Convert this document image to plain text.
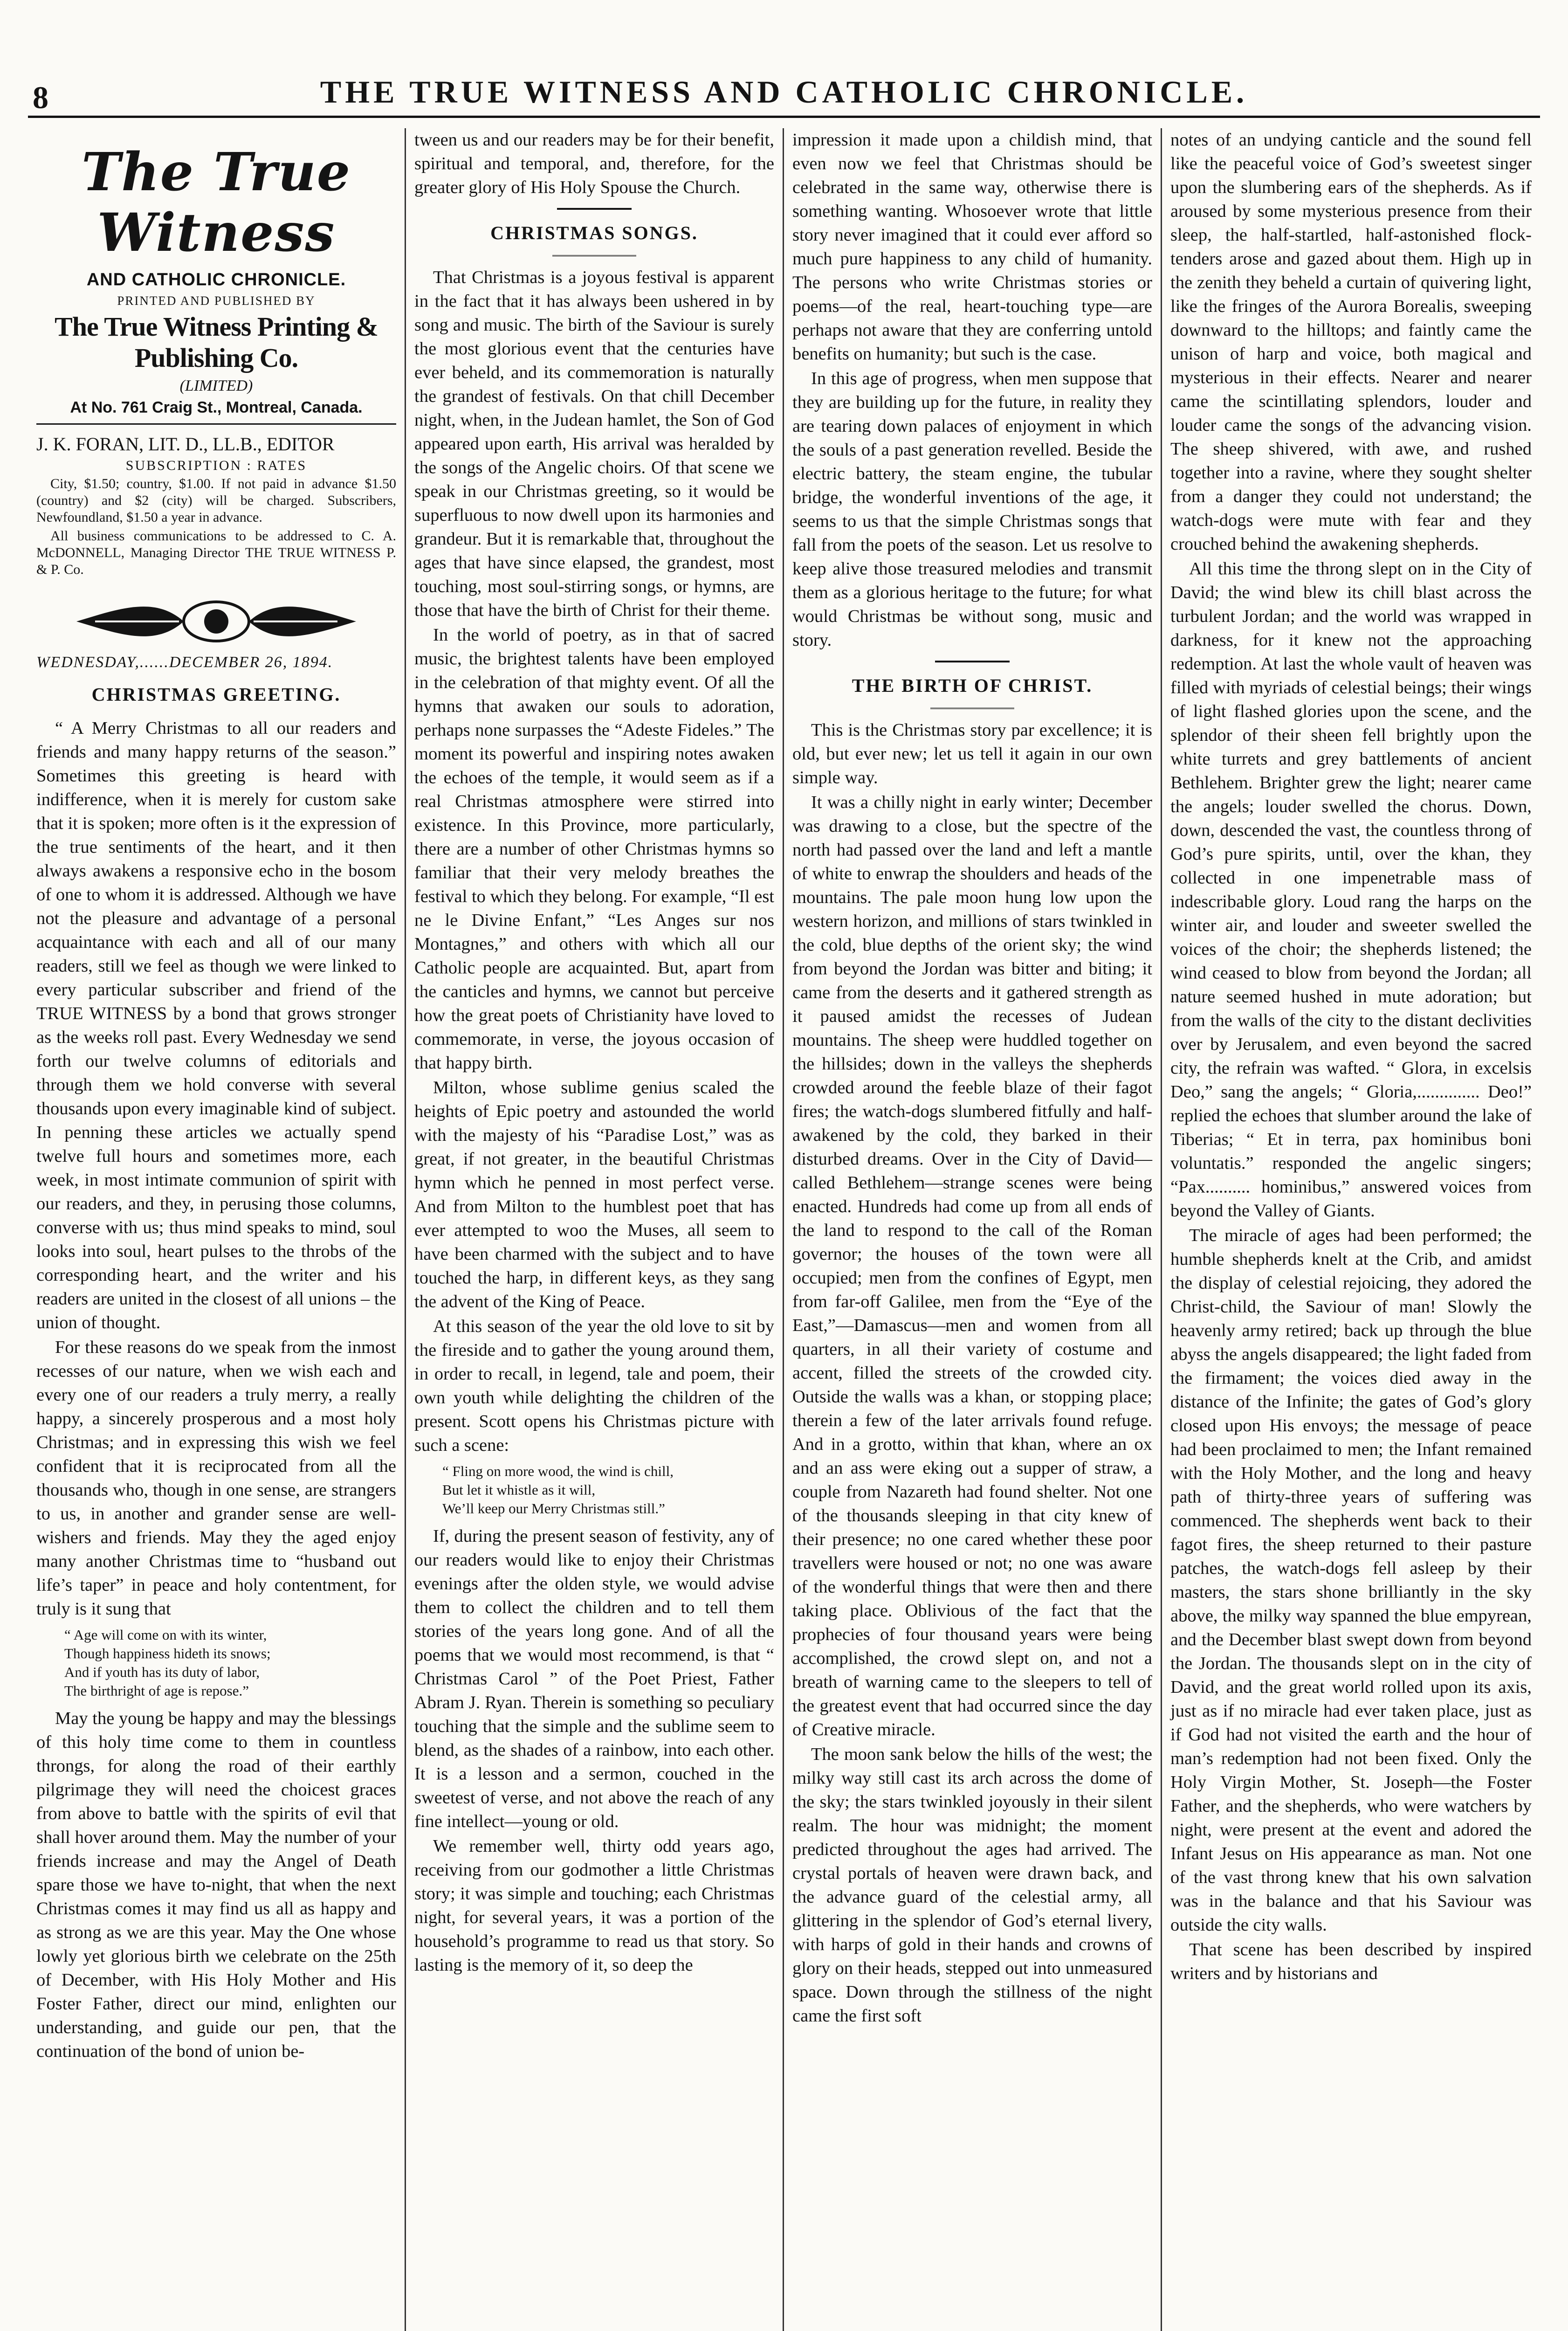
8	THE TRUE WITNESS AND CATHOLIC CHRONICLE.
The True Witness
AND CATHOLIC CHRONICLE.
PRINTED AND PUBLISHED BY
The True Witness Printing & Publishing Co.
(LIMITED)
At No. 761 Craig St., Montreal, Canada.
J. K. FORAN, LIT. D., LL.B., EDITOR
SUBSCRIPTION : RATES
City, $1.50; country, $1.00. If not paid in advance $1.50 (country) and $2 (city) will be charged. Subscribers, Newfoundland, $1.50 a year in advance.
All business communications to be addressed to C. A. McDONNELL, Managing Director THE TRUE WITNESS P. & P. Co.
WEDNESDAY,......DECEMBER 26, 1894.
CHRISTMAS GREETING.

“ A Merry Christmas to all our readers and friends and many happy returns of the season.” Sometimes this greeting is heard with indifference, when it is merely for custom sake that it is spoken; more often is it the expression of the true sentiments of the heart, and it then always awakens a responsive echo in the bosom of one to whom it is addressed. Although we have not the pleasure and advantage of a personal acquaintance with each and all of our many readers, still we feel as though we were linked to every particular subscriber and friend of the TRUE WITNESS by a bond that grows stronger as the weeks roll past. Every Wednesday we send forth our twelve columns of editorials and through them we hold converse with several thousands upon every imaginable kind of subject. In penning these articles we actually spend twelve full hours and sometimes more, each week, in most intimate communion of spirit with our readers, and they, in perusing those columns, converse with us; thus mind speaks to mind, soul looks into soul, heart pulses to the throbs of the corresponding heart, and the writer and his readers are united in the closest of all unions – the union of thought.

For these reasons do we speak from the inmost recesses of our nature, when we wish each and every one of our readers a truly merry, a really happy, a sincerely prosperous and a most holy Christmas; and in expressing this wish we feel confident that it is reciprocated from all the thousands who, though in one sense, are strangers to us, in another and grander sense are well-wishers and friends. May they the aged enjoy many another Christmas time to “husband out life’s taper” in peace and holy contentment, for truly is it sung that

“ Age will come on with its winter,
Though happiness hideth its snows;
And if youth has its duty of labor,
The birthright of age is repose.”

May the young be happy and may the blessings of this holy time come to them in countless throngs, for along the road of their earthly pilgrimage they will need the choicest graces from above to battle with the spirits of evil that shall hover around them. May the number of your friends increase and may the Angel of Death spare those we have to-night, that when the next Christmas comes it may find us all as happy and as strong as we are this year. May the One whose lowly yet glorious birth we celebrate on the 25th of December, with His Holy Mother and His Foster Father, direct our mind, enlighten our understanding, and guide our pen, that the continuation of the bond of union be-

tween us and our readers may be for their benefit, spiritual and temporal, and, therefore, for the greater glory of His Holy Spouse the Church.

CHRISTMAS SONGS.

That Christmas is a joyous festival is apparent in the fact that it has always been ushered in by song and music. The birth of the Saviour is surely the most glorious event that the centuries have ever beheld, and its commemoration is naturally the grandest of festivals. On that chill December night, when, in the Judean hamlet, the Son of God appeared upon earth, His arrival was heralded by the songs of the Angelic choirs. Of that scene we speak in our Christmas greeting, so it would be superfluous to now dwell upon its harmonies and grandeur. But it is remarkable that, throughout the ages that have since elapsed, the grandest, most touching, most soul-stirring songs, or hymns, are those that have the birth of Christ for their theme.

In the world of poetry, as in that of sacred music, the brightest talents have been employed in the celebration of that mighty event. Of all the hymns that awaken our souls to adoration, perhaps none surpasses the “Adeste Fideles.” The moment its powerful and inspiring notes awaken the echoes of the temple, it would seem as if a real Christmas atmosphere were stirred into existence. In this Province, more particularly, there are a number of other Christmas hymns so familiar that their very melody breathes the festival to which they belong. For example, “Il est ne le Divine Enfant,” “Les Anges sur nos Montagnes,” and others with which all our Catholic people are acquainted. But, apart from the canticles and hymns, we cannot but perceive how the great poets of Christianity have loved to commemorate, in verse, the joyous occasion of that happy birth.

Milton, whose sublime genius scaled the heights of Epic poetry and astounded the world with the majesty of his “Paradise Lost,” was as great, if not greater, in the beautiful Christmas hymn which he penned in most perfect verse. And from Milton to the humblest poet that has ever attempted to woo the Muses, all seem to have been charmed with the subject and to have touched the harp, in different keys, as they sang the advent of the King of Peace.

At this season of the year the old love to sit by the fireside and to gather the young around them, in order to recall, in legend, tale and poem, their own youth while delighting the children of the present. Scott opens his Christmas picture with such a scene:

“ Fling on more wood, the wind is chill,
But let it whistle as it will,
We’ll keep our Merry Christmas still.”

If, during the present season of festivity, any of our readers would like to enjoy their Christmas evenings after the olden style, we would advise them to collect the children and to tell them stories of the years long gone. And of all the poems that we would most recommend, is that “ Christmas Carol ” of the Poet Priest, Father Abram J. Ryan. Therein is something so peculiary touching that the simple and the sublime seem to blend, as the shades of a rainbow, into each other. It is a lesson and a sermon, couched in the sweetest of verse, and not above the reach of any fine intellect—young or old.

We remember well, thirty odd years ago, receiving from our godmother a little Christmas story; it was simple and touching; each Christmas night, for several years, it was a portion of the household’s programme to read us that story. So lasting is the memory of it, so deep the

impression it made upon a childish mind, that even now we feel that Christmas should be celebrated in the same way, otherwise there is something wanting. Whosoever wrote that little story never imagined that it could ever afford so much pure happiness to any child of humanity. The persons who write Christmas stories or poems—of the real, heart-touching type—are perhaps not aware that they are conferring untold benefits on humanity; but such is the case.

In this age of progress, when men suppose that they are building up for the future, in reality they are tearing down palaces of enjoyment in which the souls of a past generation revelled. Beside the electric battery, the steam engine, the tubular bridge, the wonderful inventions of the age, it seems to us that the simple Christmas songs that fall from the poets of the season. Let us resolve to keep alive those treasured melodies and transmit them as a glorious heritage to the future; for what would Christmas be without song, music and story.

THE BIRTH OF CHRIST.

This is the Christmas story par excellence; it is old, but ever new; let us tell it again in our own simple way.

It was a chilly night in early winter; December was drawing to a close, but the spectre of the north had passed over the land and left a mantle of white to enwrap the shoulders and heads of the mountains. The pale moon hung low upon the western horizon, and millions of stars twinkled in the cold, blue depths of the orient sky; the wind from beyond the Jordan was bitter and biting; it came from the deserts and it gathered strength as it paused amidst the recesses of Judean mountains. The sheep were huddled together on the hillsides; down in the valleys the shepherds crowded around the feeble blaze of their fagot fires; the watch-dogs slumbered fitfully and half-awakened by the cold, they barked in their disturbed dreams. Over in the City of David—called Bethlehem—strange scenes were being enacted. Hundreds had come up from all ends of the land to respond to the call of the Roman governor; the houses of the town were all occupied; men from the confines of Egypt, men from far-off Galilee, men from the “Eye of the East,”—Damascus—men and women from all quarters, in all their variety of costume and accent, filled the streets of the crowded city. Outside the walls was a khan, or stopping place; therein a few of the later arrivals found refuge. And in a grotto, within that khan, where an ox and an ass were eking out a supper of straw, a couple from Nazareth had found shelter. Not one of the thousands sleeping in that city knew of their presence; no one cared whether these poor travellers were housed or not; no one was aware of the wonderful things that were then and there taking place. Oblivious of the fact that the prophecies of four thousand years were being accomplished, the crowd slept on, and not a breath of warning came to the sleepers to tell of the greatest event that had occurred since the day of Creative miracle.

The moon sank below the hills of the west; the milky way still cast its arch across the dome of the sky; the stars twinkled joyously in their silent realm. The hour was midnight; the moment predicted throughout the ages had arrived. The crystal portals of heaven were drawn back, and the advance guard of the celestial army, all glittering in the splendor of God’s eternal livery, with harps of gold in their hands and crowns of glory on their heads, stepped out into unmeasured space. Down through the stillness of the night came the first soft

notes of an undying canticle and the sound fell like the peaceful voice of God’s sweetest singer upon the slumbering ears of the shepherds. As if aroused by some mysterious presence from their sleep, the half-startled, half-astonished flock-tenders arose and gazed about them. High up in the zenith they beheld a curtain of quivering light, like the fringes of the Aurora Borealis, sweeping downward to the hilltops; and faintly came the unison of harp and voice, both magical and mysterious in their effects. Nearer and nearer came the scintillating splendors, louder and louder came the songs of the advancing vision. The sheep shivered, with awe, and rushed together into a ravine, where they sought shelter from a danger they could not understand; the watch-dogs were mute with fear and they crouched behind the awakening shepherds.

All this time the throng slept on in the City of David; the wind blew its chill blast across the turbulent Jordan; and the world was wrapped in darkness, for it knew not the approaching redemption. At last the whole vault of heaven was filled with myriads of celestial beings; their wings of light flashed glories upon the scene, and the splendor of their sheen fell brightly upon the white turrets and grey battlements of ancient Bethlehem. Brighter grew the light; nearer came the angels; louder swelled the chorus. Down, down, descended the vast, the countless throng of God’s pure spirits, until, over the khan, they collected in one impenetrable mass of indescribable glory. Loud rang the harps on the winter air, and louder and sweeter swelled the voices of the choir; the shepherds listened; the wind ceased to blow from beyond the Jordan; all nature seemed hushed in mute adoration; but from the walls of the city to the distant declivities over by Jerusalem, and even beyond the sacred city, the refrain was wafted. “ Glora, in excelsis Deo,” sang the angels; “ Gloria,.............. Deo!” replied the echoes that slumber around the lake of Tiberias; “ Et in terra, pax hominibus boni voluntatis.” responded the angelic singers; “Pax.......... hominibus,” answered voices from beyond the Valley of Giants.

The miracle of ages had been performed; the humble shepherds knelt at the Crib, and amidst the display of celestial rejoicing, they adored the Christ-child, the Saviour of man! Slowly the heavenly army retired; back up through the blue abyss the angels disappeared; the light faded from the firmament; the voices died away in the distance of the Infinite; the gates of God’s glory closed upon His envoys; the message of peace had been proclaimed to men; the Infant remained with the Holy Mother, and the long and heavy path of thirty-three years of suffering was commenced. The shepherds went back to their fagot fires, the sheep returned to their pasture patches, the watch-dogs fell asleep by their masters, the stars shone brilliantly in the sky above, the milky way spanned the blue empyrean, and the December blast swept down from beyond the Jordan. The thousands slept on in the city of David, and the great world rolled upon its axis, just as if no miracle had ever taken place, just as if God had not visited the earth and the hour of man’s redemption had not been fixed. Only the Holy Virgin Mother, St. Joseph—the Foster Father, and the shepherds, who were watchers by night, were present at the event and adored the Infant Jesus on His appearance as man. Not one of the vast throng knew that his own salvation was in the balance and that his Saviour was outside the city walls.

That scene has been described by inspired writers and by historians and
